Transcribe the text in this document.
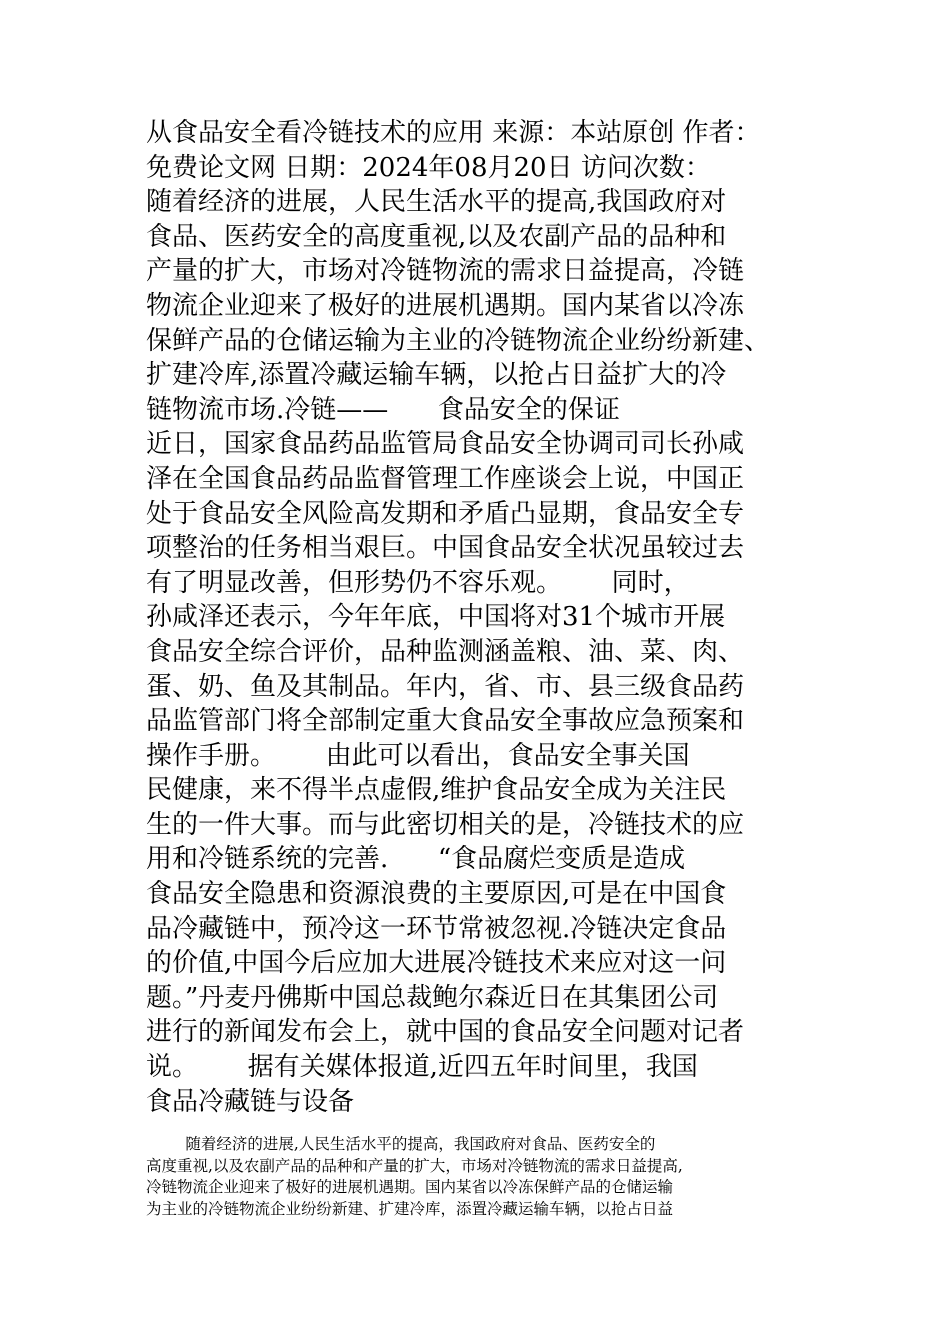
从食品安全看冷链技术的应用 来源：本站原创 作者：
免费论文网 日期：2024年08月20日 访问次数：
随着经济的进展，人民生活水平的提高,我国政府对
食品、医药安全的高度重视,以及农副产品的品种和
产量的扩大，市场对冷链物流的需求日益提高，冷链
物流企业迎来了极好的进展机遇期。国内某省以冷冻
保鲜产品的仓储运输为主业的冷链物流企业纷纷新建、
扩建冷库,添置冷藏运输车辆，以抢占日益扩大的冷
链物流市场.冷链——      食品安全的保证
近日，国家食品药品监管局食品安全协调司司长孙咸
泽在全国食品药品监督管理工作座谈会上说，中国正
处于食品安全风险高发期和矛盾凸显期，食品安全专
项整治的任务相当艰巨。中国食品安全状况虽较过去
有了明显改善，但形势仍不容乐观。      同时，
孙咸泽还表示，今年年底，中国将对31个城市开展
食品安全综合评价，品种监测涵盖粮、油、菜、肉、
蛋、奶、鱼及其制品。年内，省、市、县三级食品药
品监管部门将全部制定重大食品安全事故应急预案和
操作手册。      由此可以看出，食品安全事关国
民健康，来不得半点虚假,维护食品安全成为关注民
生的一件大事。而与此密切相关的是，冷链技术的应
用和冷链系统的完善.      “食品腐烂变质是造成
食品安全隐患和资源浪费的主要原因,可是在中国食
品冷藏链中，预冷这一环节常被忽视.冷链决定食品
的价值,中国今后应加大进展冷链技术来应对这一问
题。”丹麦丹佛斯中国总裁鲍尔森近日在其集团公司
进行的新闻发布会上，就中国的食品安全问题对记者
说。      据有关媒体报道,近四五年时间里，我国
食品冷藏链与设备
随着经济的进展,人民生活水平的提高，我国政府对食品、医药安全的
高度重视,以及农副产品的品种和产量的扩大，市场对冷链物流的需求日益提高,
冷链物流企业迎来了极好的进展机遇期。国内某省以冷冻保鲜产品的仓储运输
为主业的冷链物流企业纷纷新建、扩建冷库，添置冷藏运输车辆，以抢占日益
